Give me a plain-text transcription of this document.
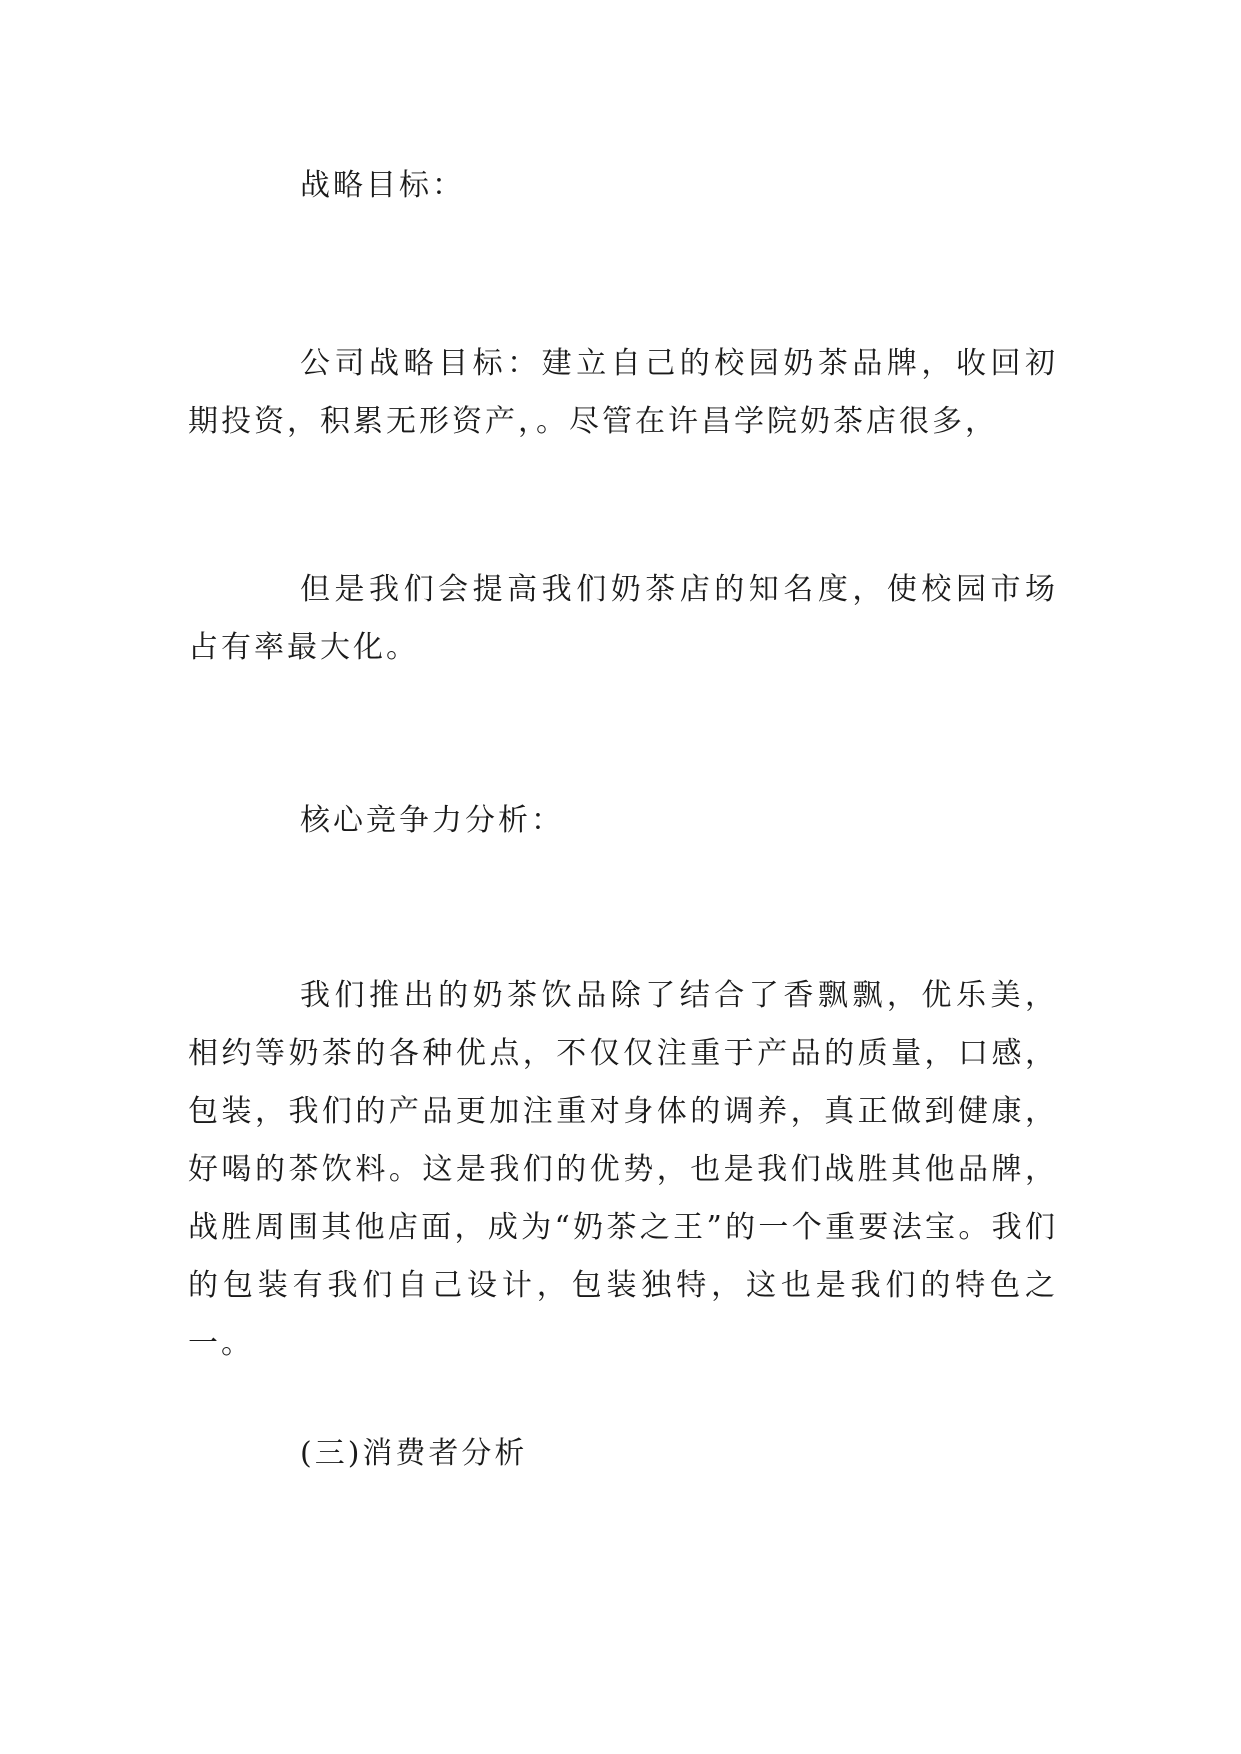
战略目标：

公司战略目标：建立自己的校园奶茶品牌，收回初期投资，积累无形资产，。尽管在许昌学院奶茶店很多，

但是我们会提高我们奶茶店的知名度，使校园市场占有率最大化。

核心竞争力分析：

我们推出的奶茶饮品除了结合了香飘飘，优乐美，相约等奶茶的各种优点，不仅仅注重于产品的质量，口感，包装，我们的产品更加注重对身体的调养，真正做到健康，好喝的茶饮料。这是我们的优势，也是我们战胜其他品牌，战胜周围其他店面，成为“奶茶之王”的一个重要法宝。我们的包装有我们自己设计，包装独特，这也是我们的特色之一。

(三)消费者分析
